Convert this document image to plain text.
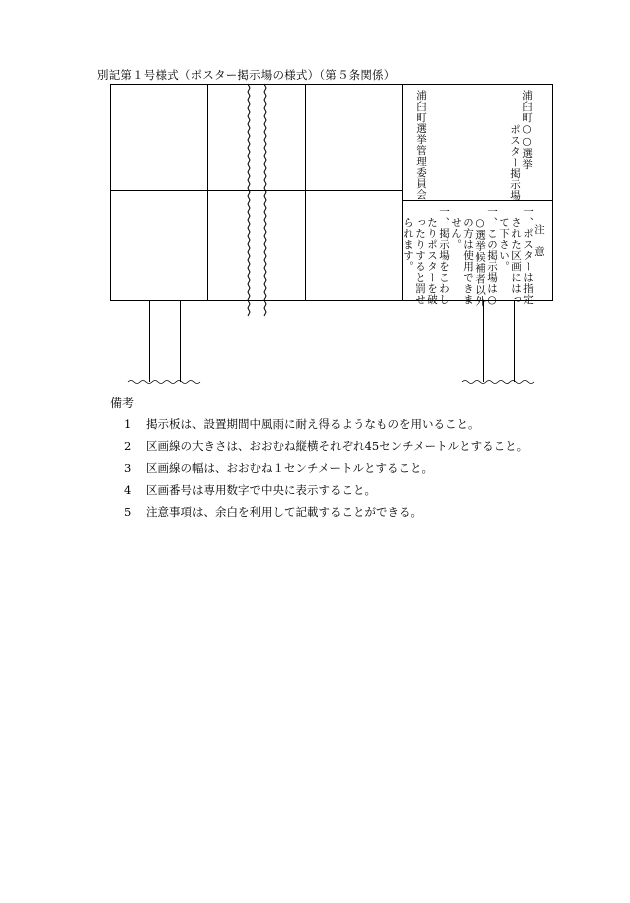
別記第１号様式（ポスター掲示場の様式）（第５条関係）
浦臼町○○選挙
ポスター掲示場
浦臼町選挙管理委員会
注　意
一、ポスターは指定
　された区画にはっ
　て下さい。
一、この掲示場は○
　○選挙候補者以外
　の方は使用できま
　せん。
一、掲示場をこわし
　たりポスターを破
　ったりすると罰せ
　られます。
備考
1 掲示板は、設置期間中風雨に耐え得るようなものを用いること。
2 区画線の大きさは、おおむね縦横それぞれ45センチメートルとすること。
3 区画線の幅は、おおむね１センチメートルとすること。
4 区画番号は専用数字で中央に表示すること。
5 注意事項は、余白を利用して記載することができる。
